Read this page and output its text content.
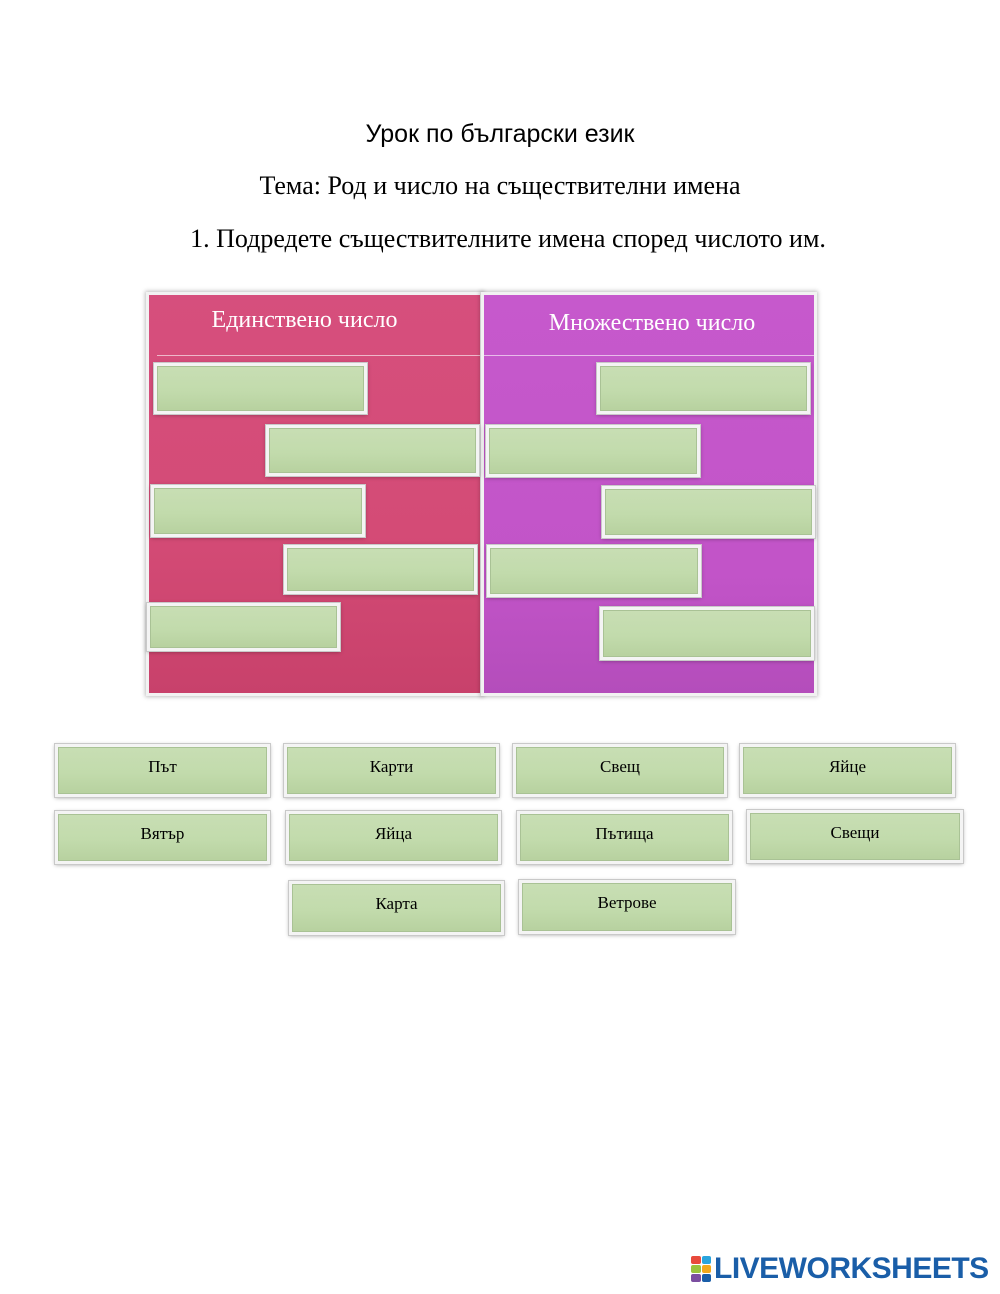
Урок по български език
Тема: Род и число на съществителни имена
1. Подредете съществителните имена според числото им.
Единствено число	Множествено число
Път	Карти	Свещ	Яйце
Вятър	Яйца	Пътища	Свещи
Карта	Ветрове
LIVEWORKSHEETS
